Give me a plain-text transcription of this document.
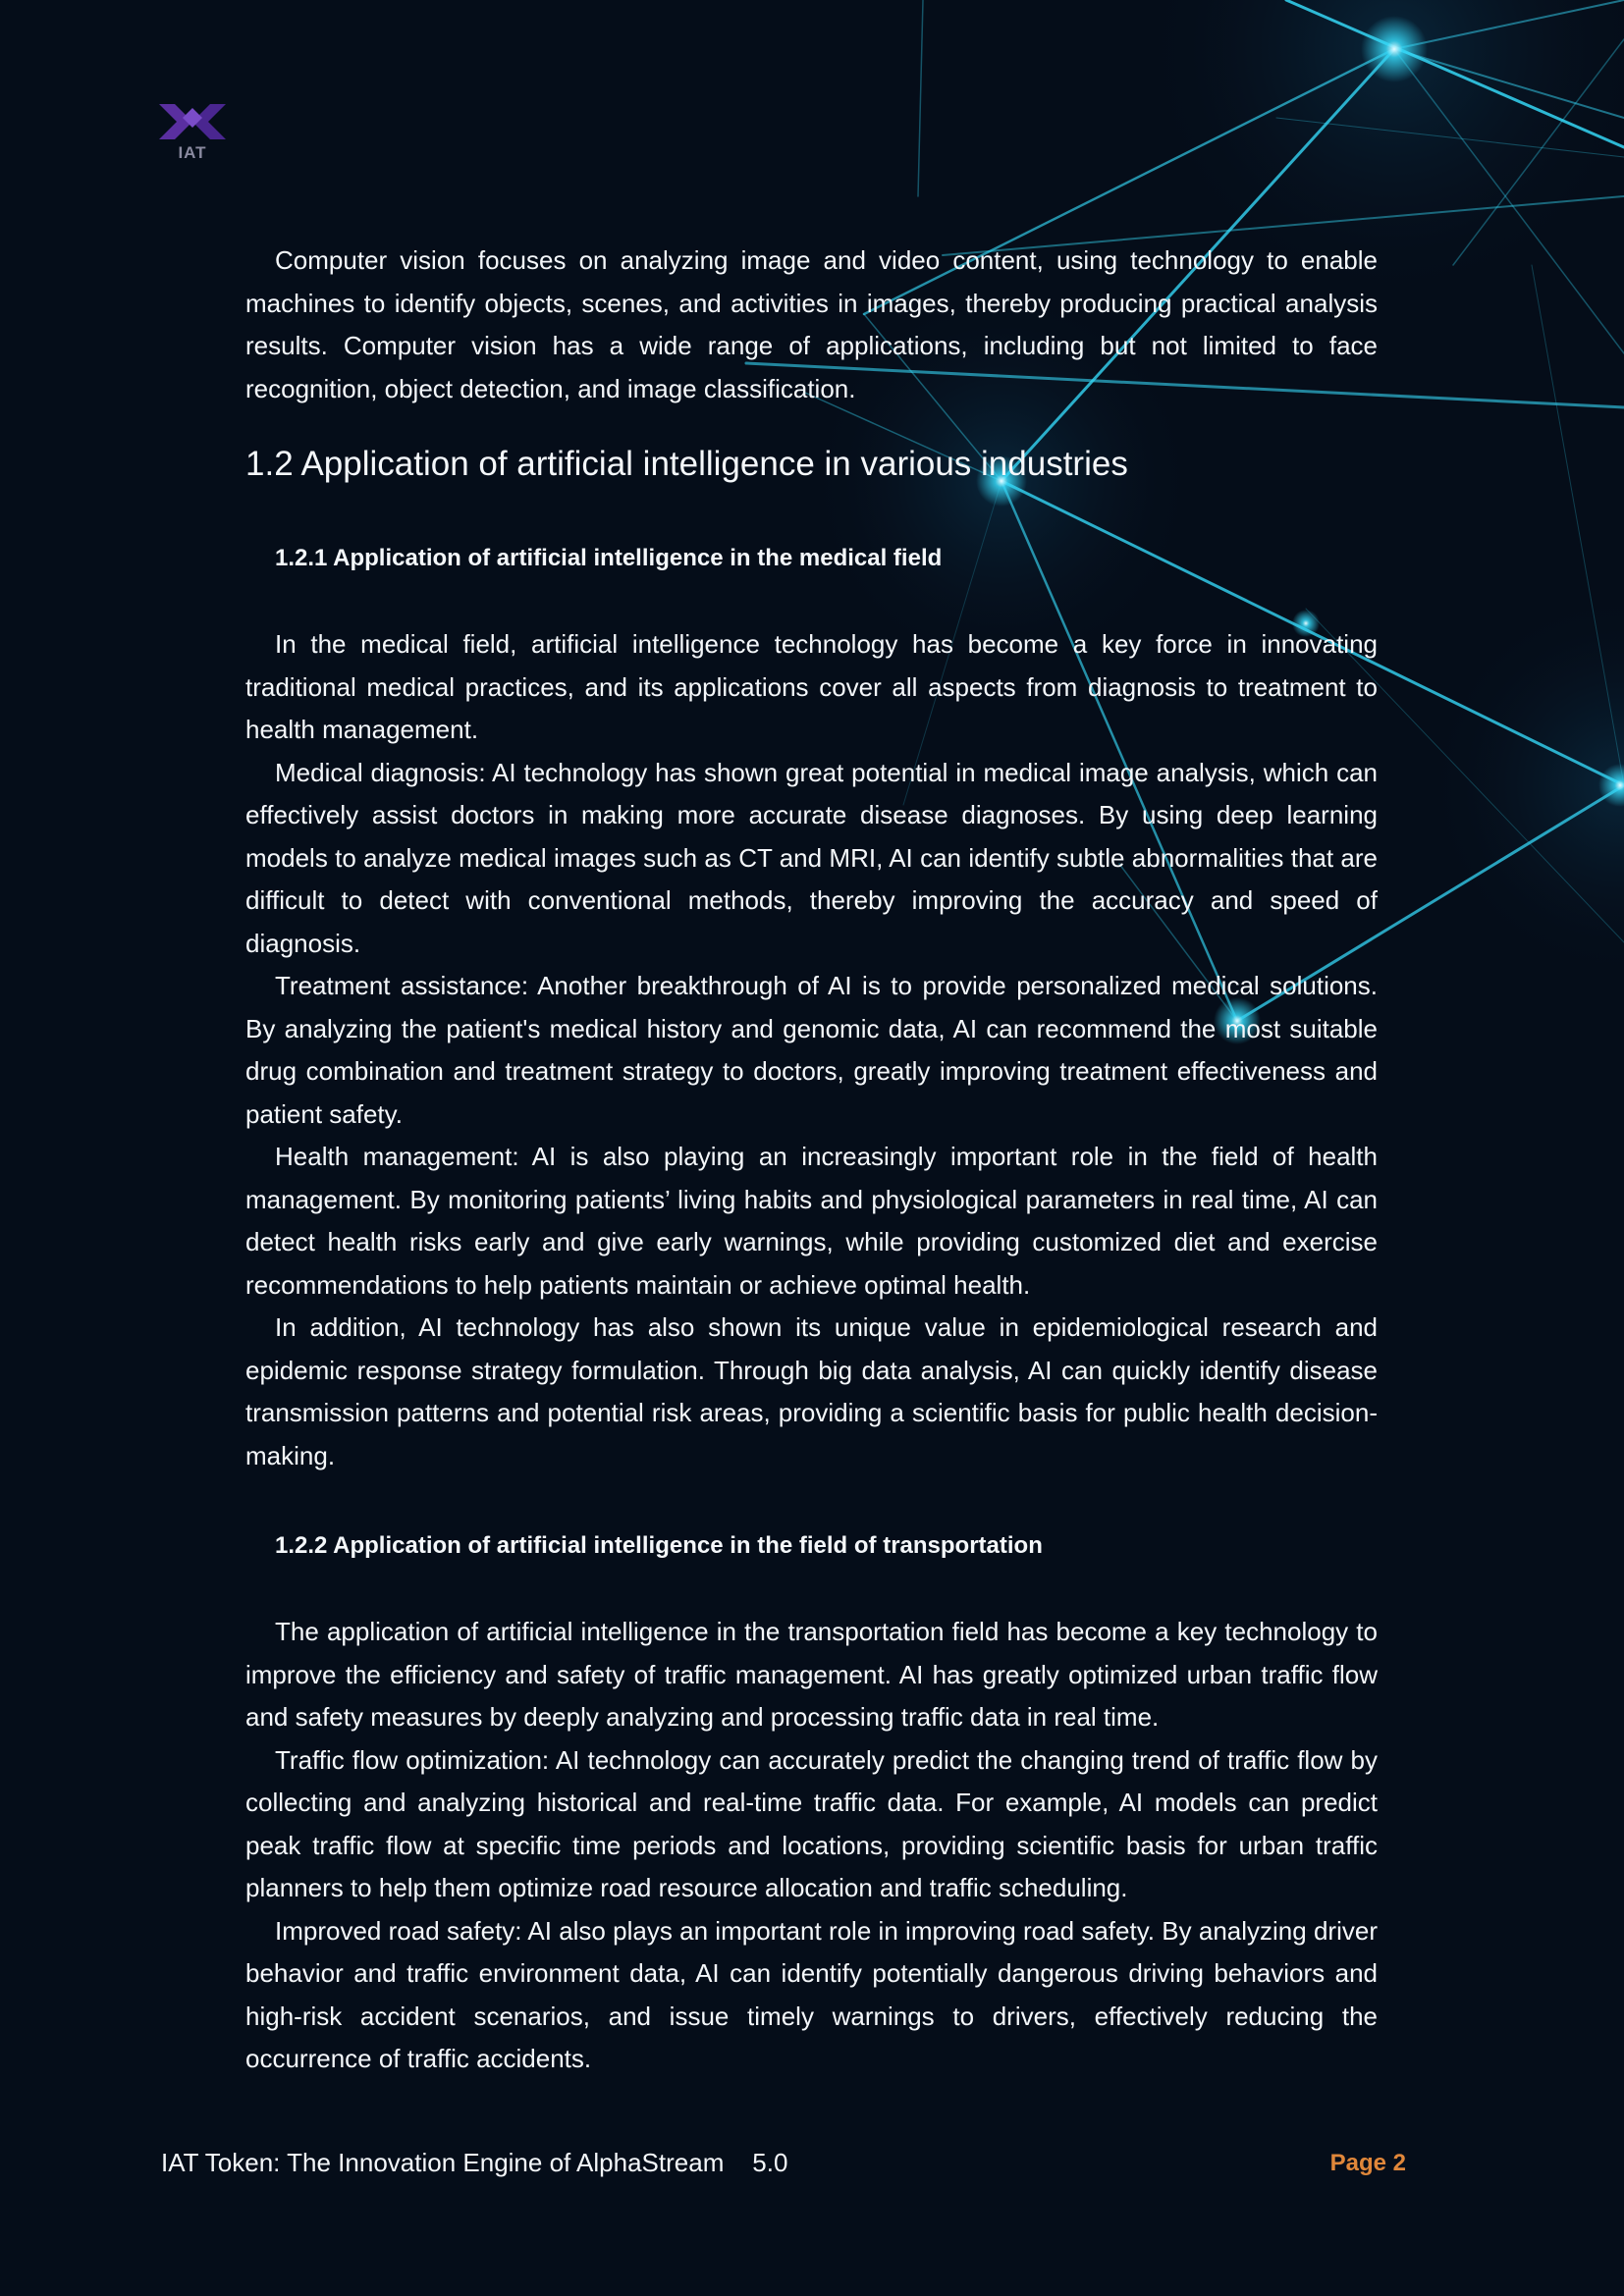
IAT

Computer vision focuses on analyzing image and video content, using technology to enable machines to identify objects, scenes, and activities in images, thereby producing practical analysis results. Computer vision has a wide range of applications, including but not limited to face recognition, object detection, and image classification.

1.2 Application of artificial intelligence in various industries
1.2.1 Application of artificial intelligence in the medical field

In the medical field, artificial intelligence technology has become a key force in innovating traditional medical practices, and its applications cover all aspects from diagnosis to treatment to health management.

Medical diagnosis: AI technology has shown great potential in medical image analysis, which can effectively assist doctors in making more accurate disease diagnoses. By using deep learning models to analyze medical images such as CT and MRI, AI can identify subtle abnormalities that are difficult to detect with conventional methods, thereby improving the accuracy and speed of diagnosis.

Treatment assistance: Another breakthrough of AI is to provide personalized medical solutions. By analyzing the patient's medical history and genomic data, AI can recommend the most suitable drug combination and treatment strategy to doctors, greatly improving treatment effectiveness and patient safety.

Health management: AI is also playing an increasingly important role in the field of health management. By monitoring patients’ living habits and physiological parameters in real time, AI can detect health risks early and give early warnings, while providing customized diet and exercise recommendations to help patients maintain or achieve optimal health.

In addition, AI technology has also shown its unique value in epidemiological research and epidemic response strategy formulation. Through big data analysis, AI can quickly identify disease transmission patterns and potential risk areas, providing a scientific basis for public health decision-making.

1.2.2 Application of artificial intelligence in the field of transportation

The application of artificial intelligence in the transportation field has become a key technology to improve the efficiency and safety of traffic management. AI has greatly optimized urban traffic flow and safety measures by deeply analyzing and processing traffic data in real time.

Traffic flow optimization: AI technology can accurately predict the changing trend of traffic flow by collecting and analyzing historical and real-time traffic data. For example, AI models can predict peak traffic flow at specific time periods and locations, providing scientific basis for urban traffic planners to help them optimize road resource allocation and traffic scheduling.

Improved road safety: AI also plays an important role in improving road safety. By analyzing driver behavior and traffic environment data, AI can identify potentially dangerous driving behaviors and high-risk accident scenarios, and issue timely warnings to drivers, effectively reducing the occurrence of traffic accidents.

IAT Token: The Innovation Engine of AlphaStream 5.0	Page 2
